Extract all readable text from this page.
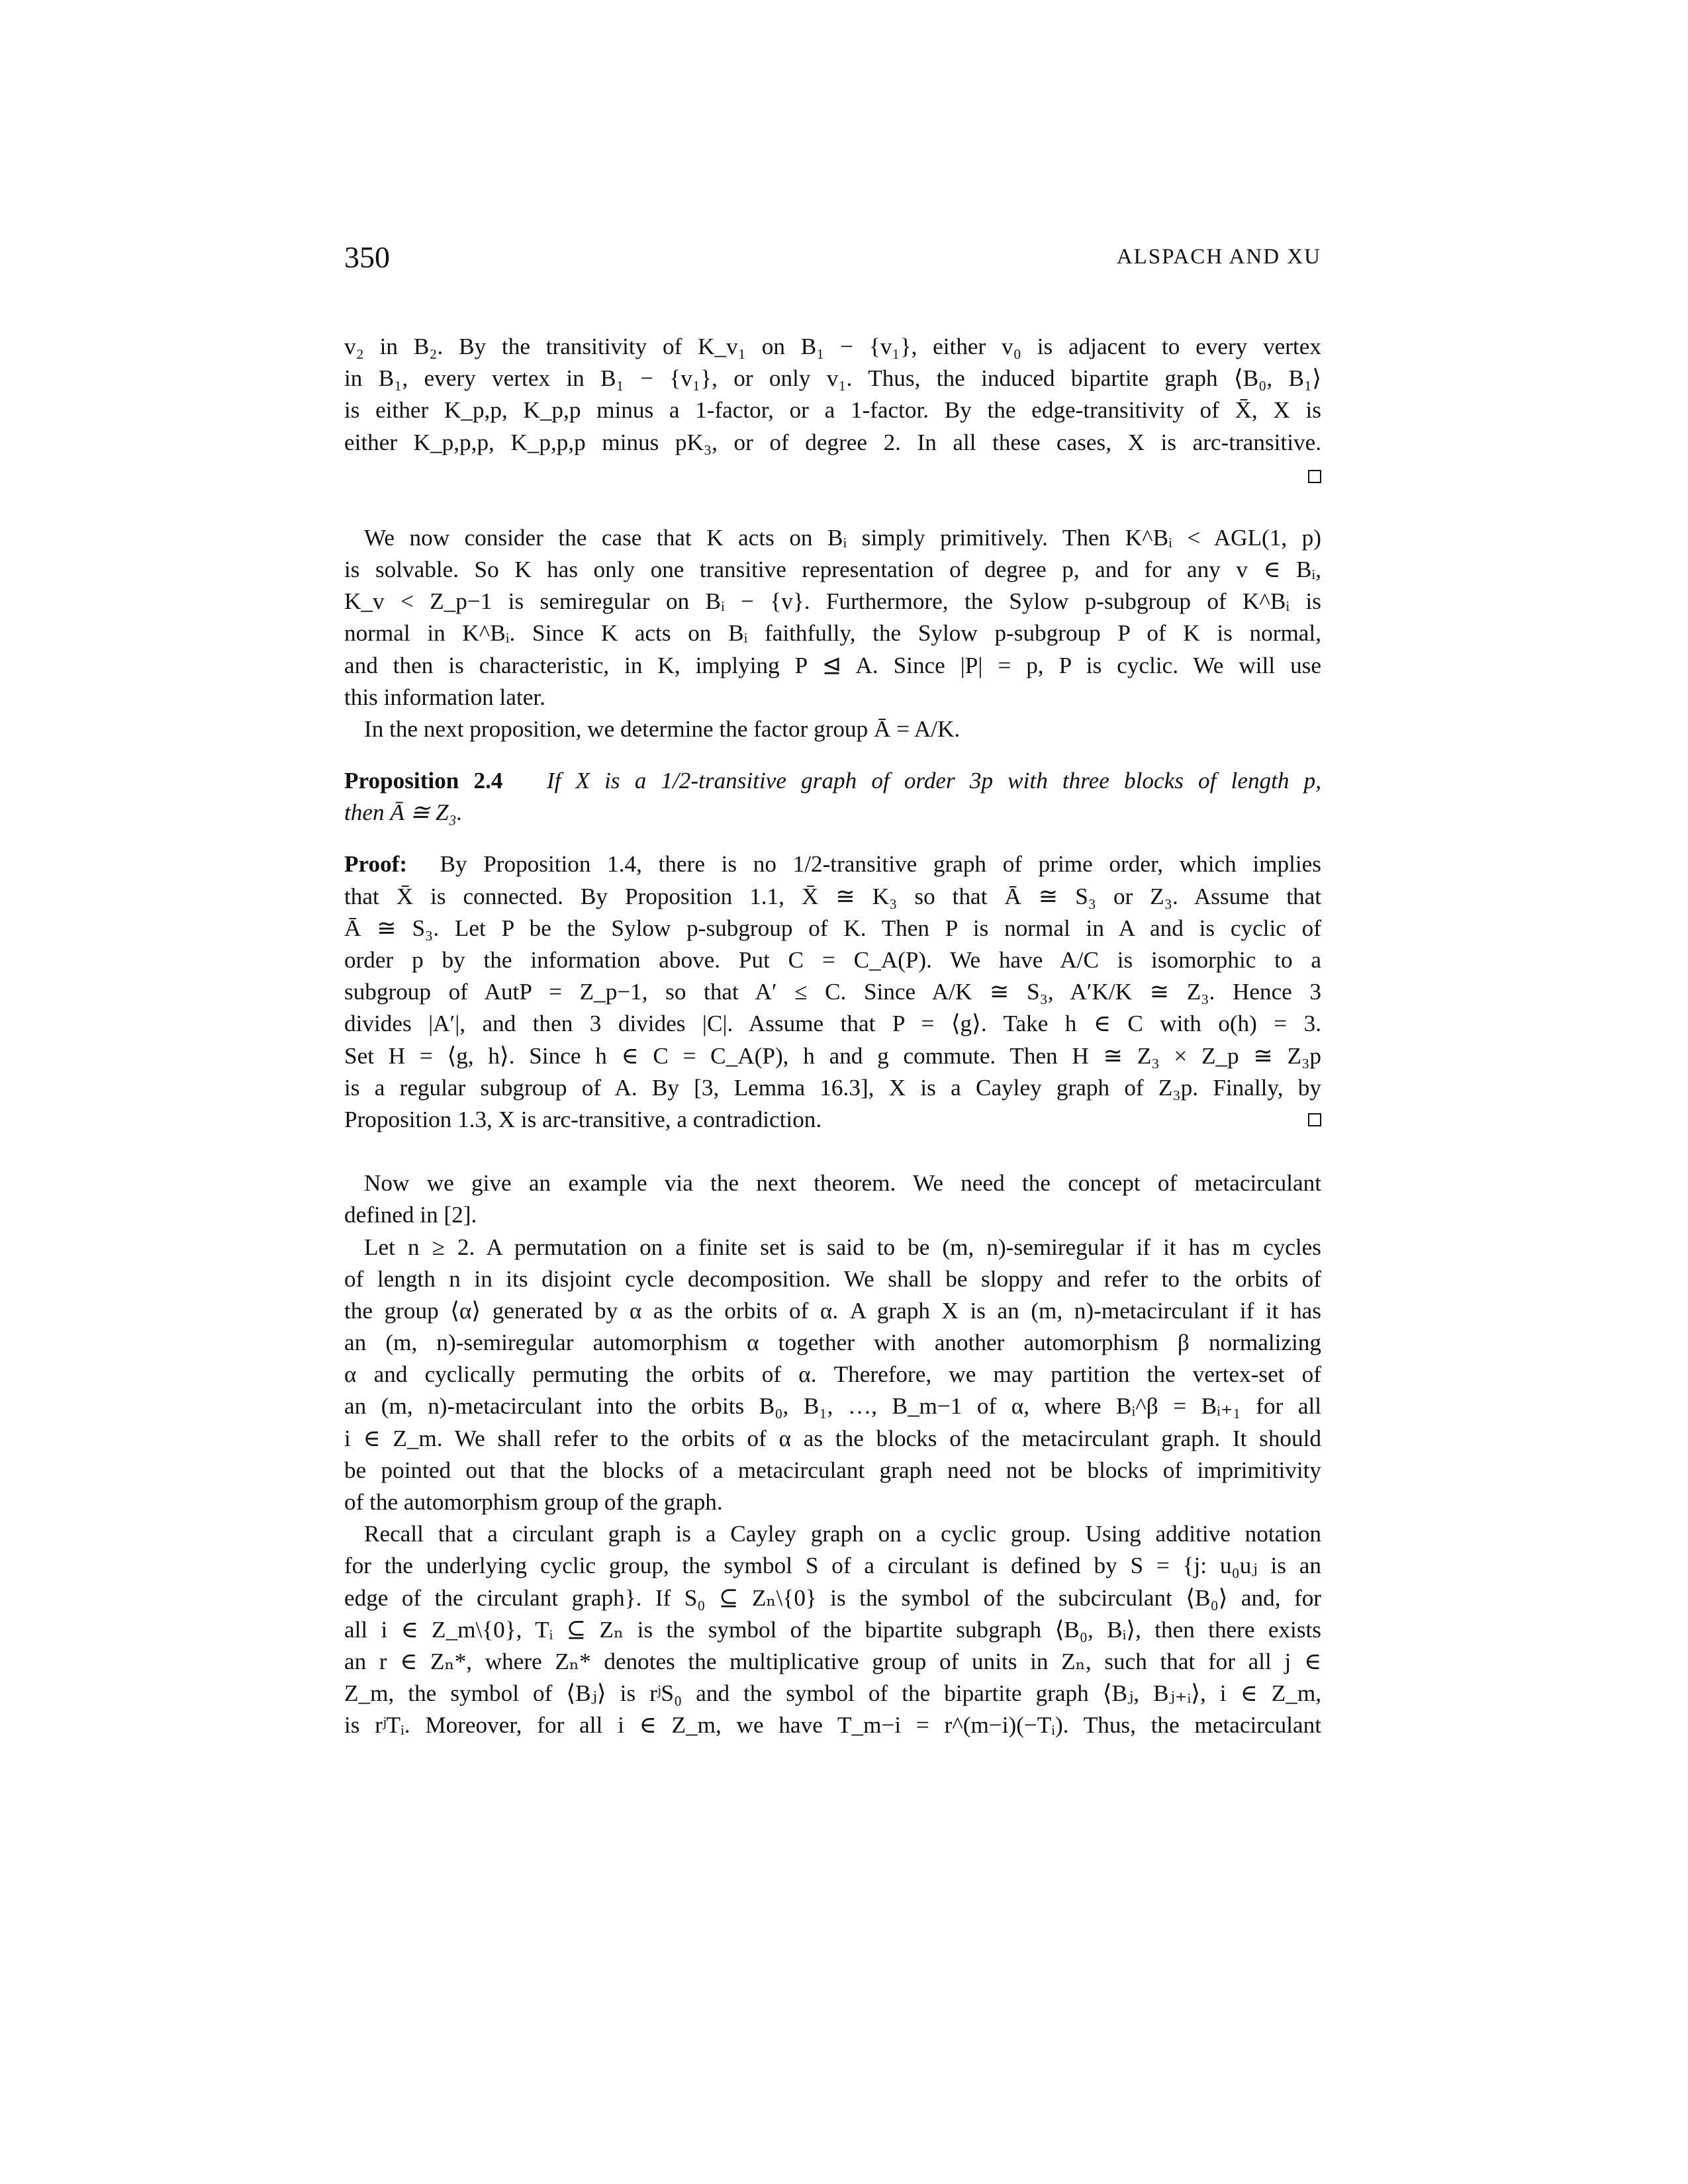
350	ALSPACH AND XU
v₂ in B₂. By the transitivity of K_v₁ on B₁ − {v₁}, either v₀ is adjacent to every vertex
in B₁, every vertex in B₁ − {v₁}, or only v₁. Thus, the induced bipartite graph ⟨B₀, B₁⟩
is either K_p,p, K_p,p minus a 1-factor, or a 1-factor. By the edge-transitivity of X̄, X is
either K_p,p,p, K_p,p,p minus pK₃, or of degree 2. In all these cases, X is arc-transitive.
We now consider the case that K acts on Bᵢ simply primitively. Then K^Bᵢ < AGL(1, p)
is solvable. So K has only one transitive representation of degree p, and for any v ∈ Bᵢ,
K_v < Z_p−1 is semiregular on Bᵢ − {v}. Furthermore, the Sylow p-subgroup of K^Bᵢ is
normal in K^Bᵢ. Since K acts on Bᵢ faithfully, the Sylow p-subgroup P of K is normal,
and then is characteristic, in K, implying P ⊴ A. Since |P| = p, P is cyclic. We will use
this information later.
In the next proposition, we determine the factor group Ā = A/K.
Proposition 2.4 If X is a 1/2-transitive graph of order 3p with three blocks of length p,
then Ā ≅ Z₃.
Proof: By Proposition 1.4, there is no 1/2-transitive graph of prime order, which implies
that X̄ is connected. By Proposition 1.1, X̄ ≅ K₃ so that Ā ≅ S₃ or Z₃. Assume that
Ā ≅ S₃. Let P be the Sylow p-subgroup of K. Then P is normal in A and is cyclic of
order p by the information above. Put C = C_A(P). We have A/C is isomorphic to a
subgroup of AutP = Z_p−1, so that A′ ≤ C. Since A/K ≅ S₃, A′K/K ≅ Z₃. Hence 3
divides |A′|, and then 3 divides |C|. Assume that P = ⟨g⟩. Take h ∈ C with o(h) = 3.
Set H = ⟨g, h⟩. Since h ∈ C = C_A(P), h and g commute. Then H ≅ Z₃ × Z_p ≅ Z₃p
is a regular subgroup of A. By [3, Lemma 16.3], X is a Cayley graph of Z₃p. Finally, by
Proposition 1.3, X is arc-transitive, a contradiction.
Now we give an example via the next theorem. We need the concept of metacirculant
defined in [2].
Let n ≥ 2. A permutation on a finite set is said to be (m, n)-semiregular if it has m cycles
of length n in its disjoint cycle decomposition. We shall be sloppy and refer to the orbits of
the group ⟨α⟩ generated by α as the orbits of α. A graph X is an (m, n)-metacirculant if it has
an (m, n)-semiregular automorphism α together with another automorphism β normalizing
α and cyclically permuting the orbits of α. Therefore, we may partition the vertex-set of
an (m, n)-metacirculant into the orbits B₀, B₁, …, B_m−1 of α, where Bᵢ^β = Bᵢ₊₁ for all
i ∈ Z_m. We shall refer to the orbits of α as the blocks of the metacirculant graph. It should
be pointed out that the blocks of a metacirculant graph need not be blocks of imprimitivity
of the automorphism group of the graph.
Recall that a circulant graph is a Cayley graph on a cyclic group. Using additive notation
for the underlying cyclic group, the symbol S of a circulant is defined by S = {j: u₀uⱼ is an
edge of the circulant graph}. If S₀ ⊆ Zₙ\{0} is the symbol of the subcirculant ⟨B₀⟩ and, for
all i ∈ Z_m\{0}, Tᵢ ⊆ Zₙ is the symbol of the bipartite subgraph ⟨B₀, Bᵢ⟩, then there exists
an r ∈ Zₙ*, where Zₙ* denotes the multiplicative group of units in Zₙ, such that for all j ∈
Z_m, the symbol of ⟨Bⱼ⟩ is rʲS₀ and the symbol of the bipartite graph ⟨Bⱼ, Bⱼ₊ᵢ⟩, i ∈ Z_m,
is rʲTᵢ. Moreover, for all i ∈ Z_m, we have T_m−i = r^(m−i)(−Tᵢ). Thus, the metacirculant
